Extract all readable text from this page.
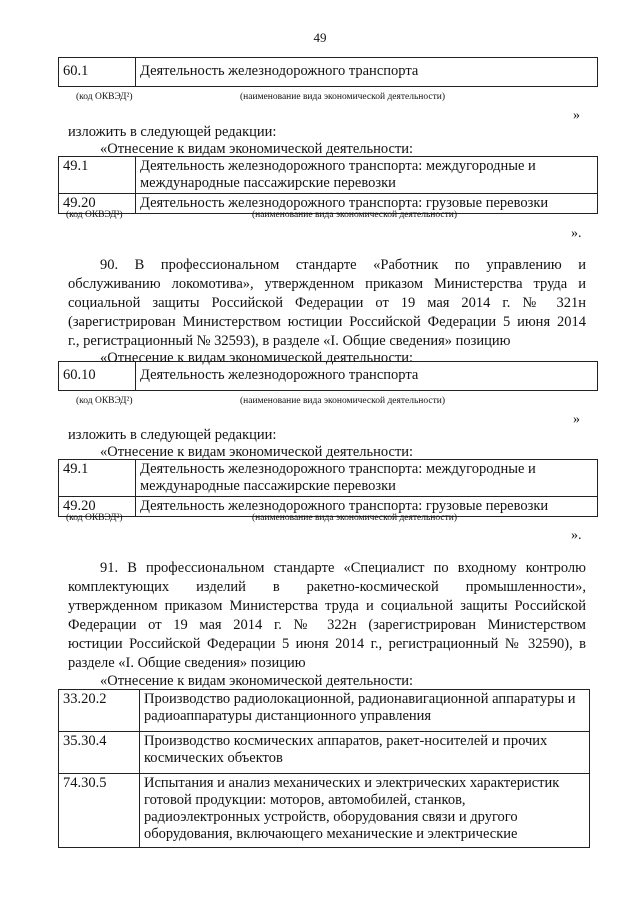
49
60.1	Деятельность железнодорожного транспорта
(код ОКВЭД²)	(наименование вида экономической деятельности)
»
изложить в следующей редакции:
«Отнесение к видам экономической деятельности:
49.1	Деятельность железнодорожного транспорта: междугородные и
международные пассажирские перевозки

49.20	Деятельность железнодорожного транспорта: грузовые перевозки
(код ОКВЭД²)	(наименование вида экономической деятельности)
».
90. В профессиональном стандарте «Работник по управлению и
обслуживанию локомотива», утвержденном приказом Министерства труда и
социальной защиты Российской Федерации от 19 мая 2014 г. № 321н
(зарегистрирован Министерством юстиции Российской Федерации 5 июня 2014
г., регистрационный № 32593), в разделе «I. Общие сведения» позицию
«Отнесение к видам экономической деятельности:
60.10	Деятельность железнодорожного транспорта
(код ОКВЭД²)	(наименование вида экономической деятельности)
»
изложить в следующей редакции:
«Отнесение к видам экономической деятельности:
49.1	Деятельность железнодорожного транспорта: междугородные и
международные пассажирские перевозки

49.20	Деятельность железнодорожного транспорта: грузовые перевозки
(код ОКВЭД²)	(наименование вида экономической деятельности)
».
91. В профессиональном стандарте «Специалист по входному контролю
комплектующих изделий в ракетно-космической промышленности»,
утвержденном приказом Министерства труда и социальной защиты Российской
Федерации от 19 мая 2014 г. № 322н (зарегистрирован Министерством
юстиции Российской Федерации 5 июня 2014 г., регистрационный № 32590), в
разделе «I. Общие сведения» позицию
«Отнесение к видам экономической деятельности:
33.20.2	Производство радиолокационной, радионавигационной аппаратуры и
радиоаппаратуры дистанционного управления

35.30.4	Производство космических аппаратов, ракет-носителей и прочих
космических объектов

74.30.5	Испытания и анализ механических и электрических характеристик
готовой продукции: моторов, автомобилей, станков,
радиоэлектронных устройств, оборудования связи и другого
оборудования, включающего механические и электрические
